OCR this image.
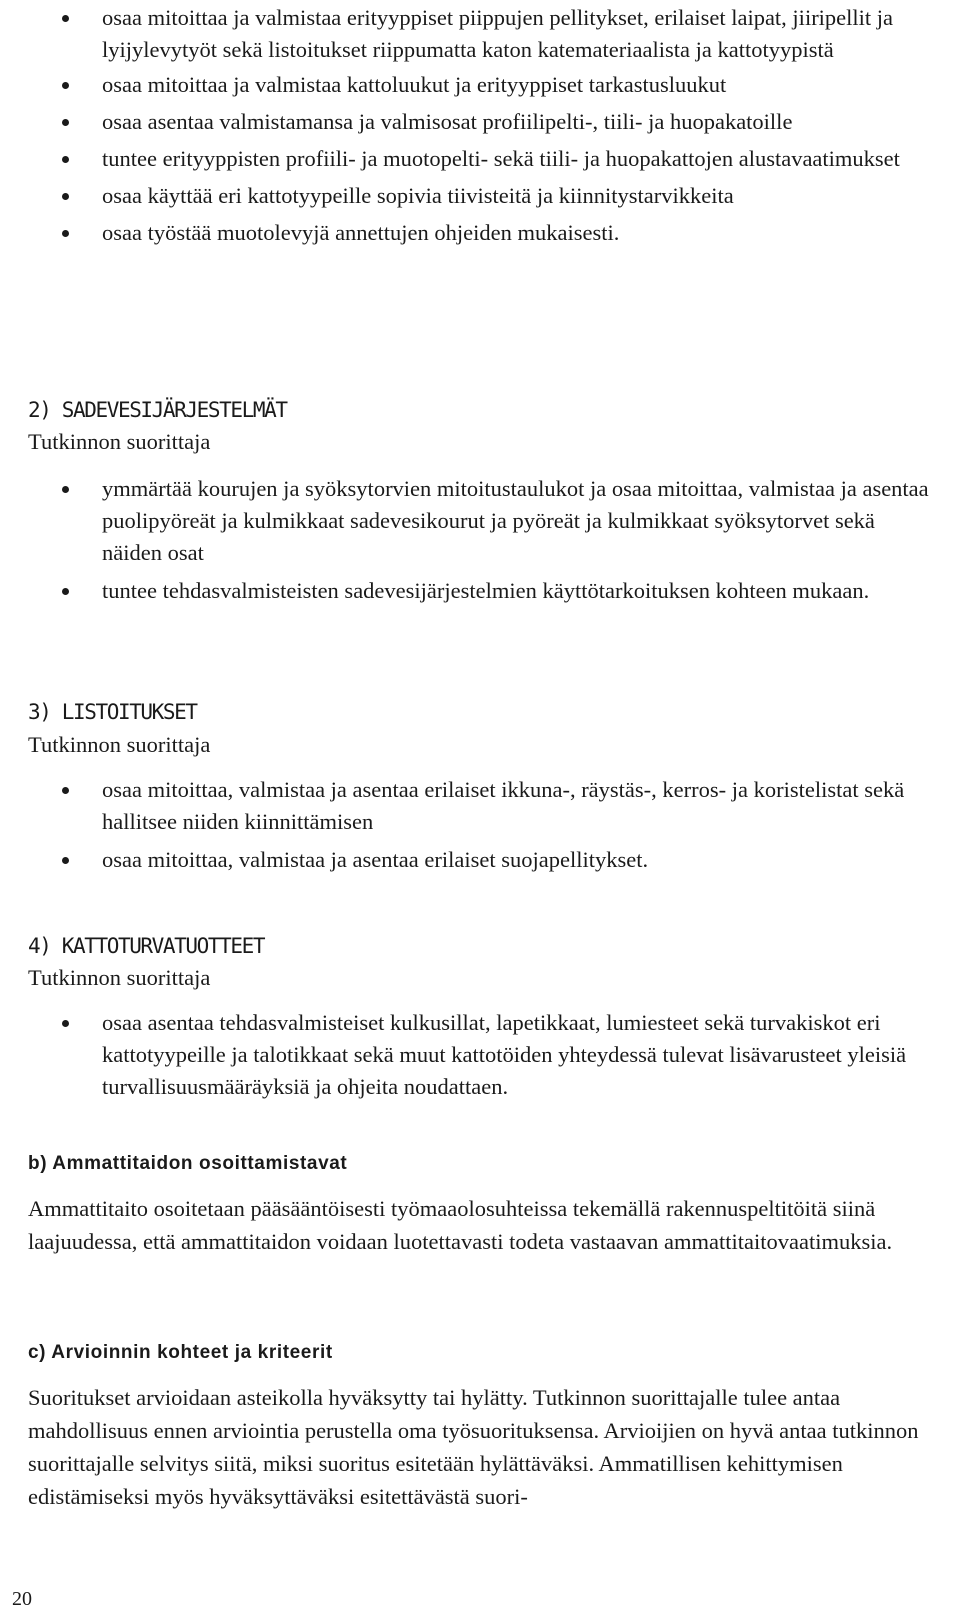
osaa mitoittaa ja valmistaa erityyppiset piippujen pellitykset, erilaiset laipat, jiiripellit ja lyijylevytyöt sekä listoitukset riippumatta katon katemateriaalista ja kattotyypistä
osaa mitoittaa ja valmistaa kattoluukut ja erityyppiset tarkastusluukut
osaa asentaa valmistamansa ja valmisosat profiilipelti-, tiili- ja huopakatoille
tuntee erityyppisten profiili- ja muotopelti- sekä tiili- ja huopakattojen alustavaatimukset
osaa käyttää eri kattotyypeille sopivia tiivisteitä ja kiinnitystarvikkeita
osaa työstää muotolevyjä annettujen ohjeiden mukaisesti.
2) SADEVESIJÄRJESTELMÄT
Tutkinnon suorittaja
ymmärtää kourujen ja syöksytorvien mitoitustaulukot ja osaa mitoittaa, valmistaa ja asentaa puolipyöreät ja kulmikkaat sadevesikourut ja pyöreät ja kulmikkaat syöksytorvet sekä näiden osat
tuntee tehdasvalmisteisten sadevesijärjestelmien käyttötarkoituksen kohteen mukaan.
3) LISTOITUKSET
Tutkinnon suorittaja
osaa mitoittaa, valmistaa ja asentaa erilaiset ikkuna-, räystäs-, kerros- ja koristelistat sekä hallitsee niiden kiinnittämisen
osaa mitoittaa, valmistaa ja asentaa erilaiset suojapellitykset.
4) KATTOTURVATUOTTEET
Tutkinnon suorittaja
osaa asentaa tehdasvalmisteiset kulkusillat, lapetikkaat, lumiesteet sekä turvakiskot eri kattotyypeille ja talotikkaat sekä muut kattotöiden yhteydessä tulevat lisävarusteet yleisiä turvallisuusmääräyksiä ja ohjeita noudattaen.
b) Ammattitaidon osoittamistavat

Ammattitaito osoitetaan pääsääntöisesti työmaaolosuhteissa tekemällä rakennuspeltitöitä siinä laajuudessa, että ammattitaidon voidaan luotettavasti todeta vastaavan ammattitaitovaatimuksia.

c) Arvioinnin kohteet ja kriteerit

Suoritukset arvioidaan asteikolla hyväksytty tai hylätty. Tutkinnon suorittajalle tulee antaa mahdollisuus ennen arviointia perustella oma työsuorituksensa. Arvioijien on hyvä antaa tutkinnon suorittajalle selvitys siitä, miksi suoritus esitetään hylättäväksi. Ammatillisen kehittymisen edistämiseksi myös hyväksyttäväksi esitettävästä suori-

20
